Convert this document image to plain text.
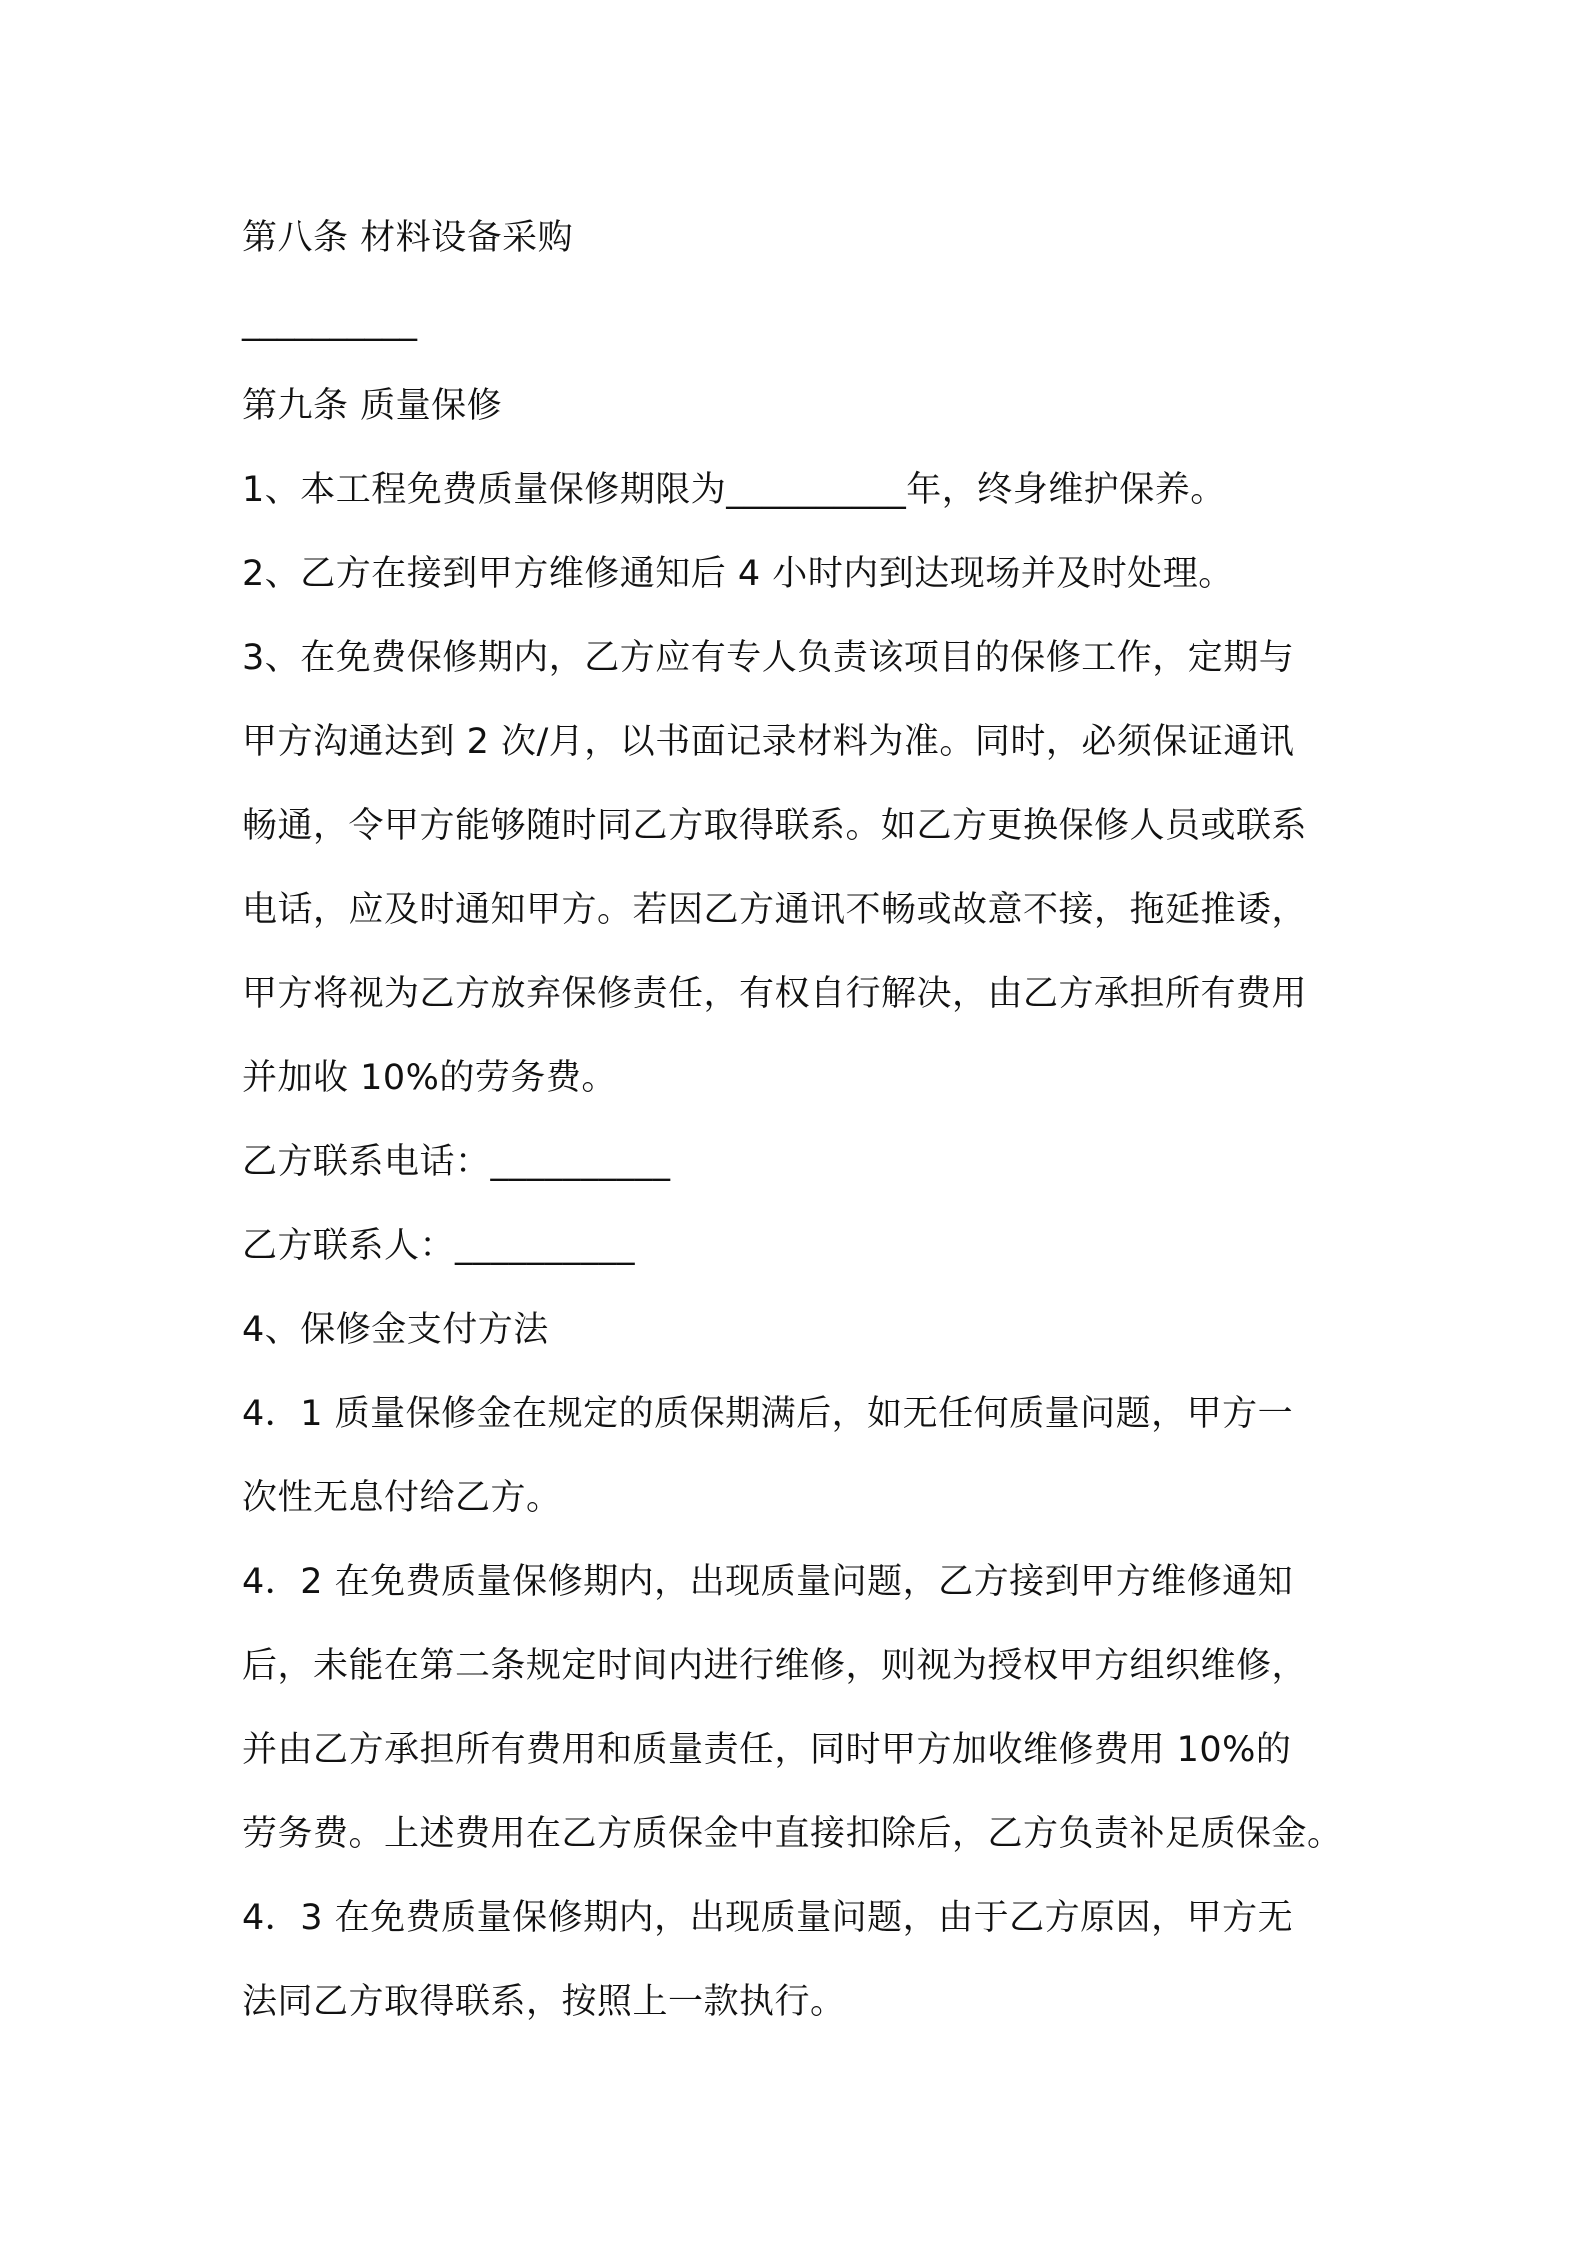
第八条 材料设备采购
__________
第九条 质量保修
1、本工程免费质量保修期限为__________年，终身维护保养。
2、乙方在接到甲方维修通知后 4 小时内到达现场并及时处理。
3、在免费保修期内，乙方应有专人负责该项目的保修工作，定期与
甲方沟通达到 2 次/月，以书面记录材料为准。同时，必须保证通讯
畅通，令甲方能够随时同乙方取得联系。如乙方更换保修人员或联系
电话，应及时通知甲方。若因乙方通讯不畅或故意不接，拖延推诿，
甲方将视为乙方放弃保修责任，有权自行解决，由乙方承担所有费用
并加收 10%的劳务费。
乙方联系电话：__________
乙方联系人：__________
4、保修金支付方法
4．1 质量保修金在规定的质保期满后，如无任何质量问题，甲方一
次性无息付给乙方。
4．2 在免费质量保修期内，出现质量问题，乙方接到甲方维修通知
后，未能在第二条规定时间内进行维修，则视为授权甲方组织维修，
并由乙方承担所有费用和质量责任，同时甲方加收维修费用 10%的
劳务费。上述费用在乙方质保金中直接扣除后，乙方负责补足质保金。
4．3 在免费质量保修期内，出现质量问题，由于乙方原因，甲方无
法同乙方取得联系，按照上一款执行。
